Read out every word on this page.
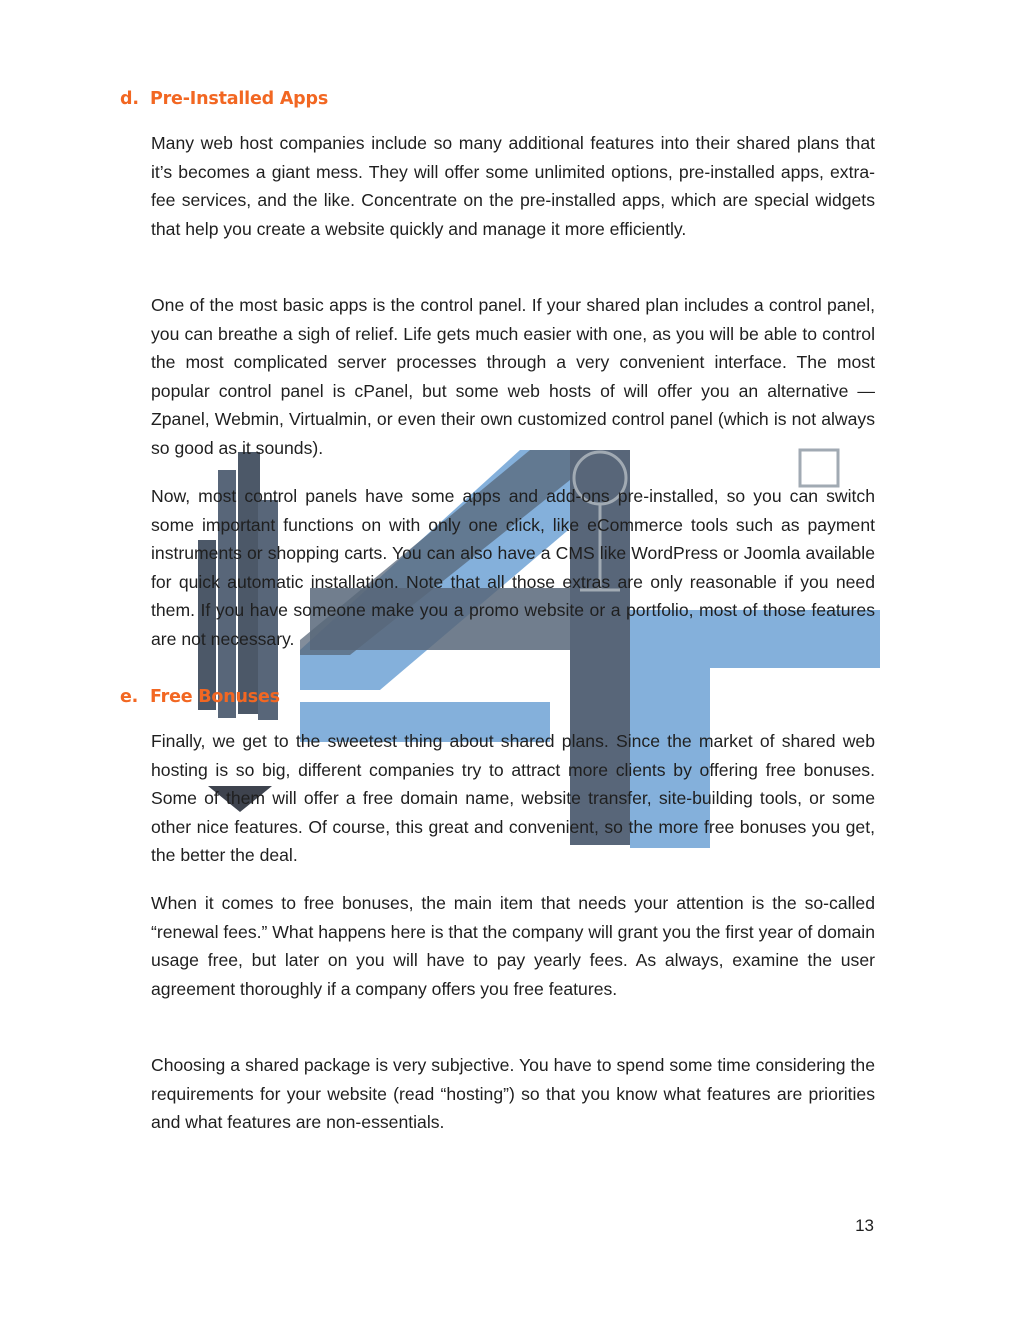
d. Pre-Installed Apps

Many web host companies include so many additional features into their shared plans that it’s becomes a giant mess. They will offer some unlimited options, pre-installed apps, extra-fee services, and the like. Concentrate on the pre-installed apps, which are special widgets that help you create a website quickly and manage it more efficiently.

One of the most basic apps is the control panel. If your shared plan includes a control panel, you can breathe a sigh of relief. Life gets much easier with one, as you will be able to control the most complicated server processes through a very convenient interface. The most popular control panel is cPanel, but some web hosts of will offer you an alternative — Zpanel, Webmin, Virtualmin, or even their own customized control panel (which is not always so good as it sounds).

Now, most control panels have some apps and add-ons pre-installed, so you can switch some important functions on with only one click, like eCommerce tools such as payment instruments or shopping carts. You can also have a CMS like WordPress or Joomla available for quick automatic installation. Note that all those extras are only reasonable if you need them. If you have someone make you a promo website or a portfolio, most of those features are not necessary.

e. Free Bonuses

Finally, we get to the sweetest thing about shared plans. Since the market of shared web hosting is so big, different companies try to attract more clients by offering free bonuses. Some of them will offer a free domain name, website transfer, site-building tools, or some other nice features. Of course, this great and convenient, so the more free bonuses you get, the better the deal.

When it comes to free bonuses, the main item that needs your attention is the so-called “renewal fees.” What happens here is that the company will grant you the first year of domain usage free, but later on you will have to pay yearly fees. As always, examine the user agreement thoroughly if a company offers you free features.

Choosing a shared package is very subjective. You have to spend some time considering the requirements for your website (read “hosting”) so that you know what features are priorities and what features are non-essentials.

13
